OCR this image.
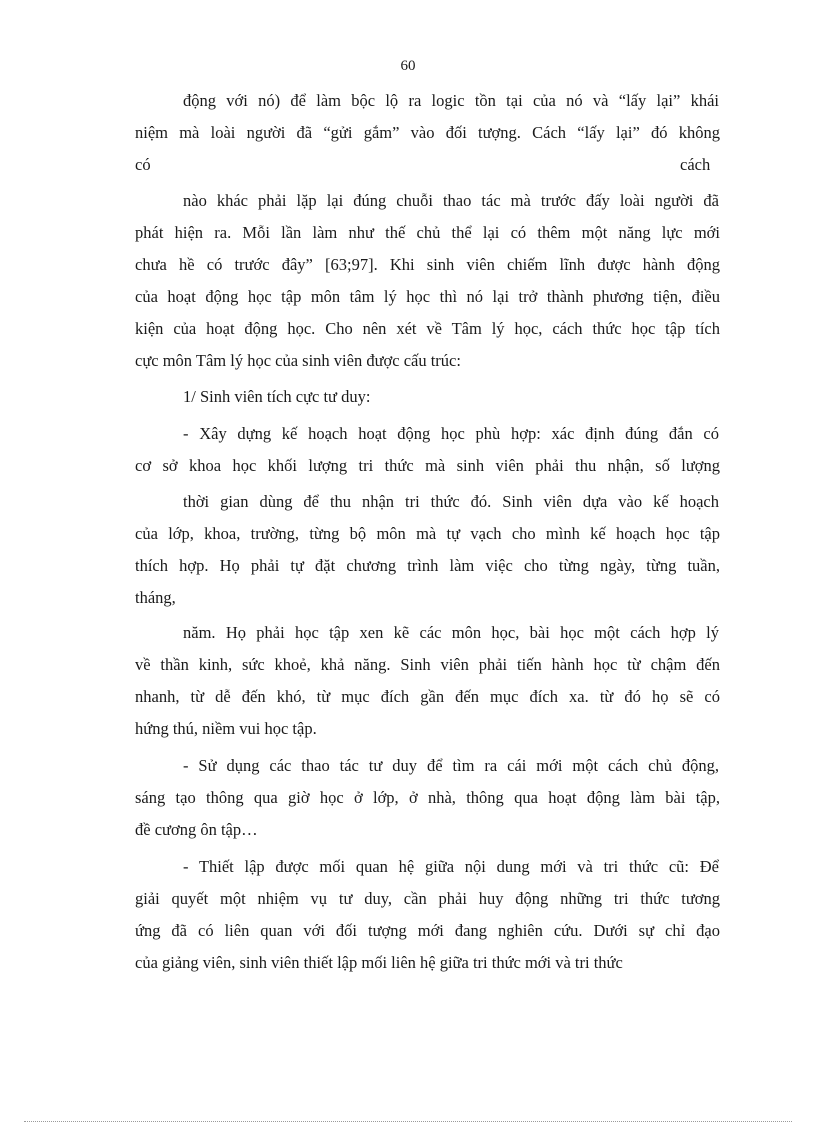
60
động với nó) để làm bộc lộ ra logic tồn tại của nó và “lấy lại” khái
niệm mà loài người đã “gửi gắm” vào đối tượng. Cách “lấy lại” đó không
có	cách
nào khác phải lặp lại đúng chuỗi thao tác mà trước đấy loài người đã
phát hiện ra. Mỗi lần làm như thế chủ thể lại có thêm một năng lực mới
chưa hề có trước đây” [63;97]. Khi sinh viên chiếm lĩnh được hành động
của hoạt động học tập môn tâm lý học thì nó lại trở thành phương tiện, điều
kiện của hoạt động học. Cho nên xét về Tâm lý học, cách thức học tập tích
cực môn Tâm lý học của sinh viên được cấu trúc:
1/ Sinh viên tích cực tư duy:
- Xây dựng kế hoạch hoạt động học phù hợp: xác định đúng đắn có
cơ sở khoa học khối lượng tri thức mà sinh viên phải thu nhận, số lượng
thời gian dùng để thu nhận tri thức đó. Sinh viên dựa vào kế hoạch
của lớp, khoa, trường, từng bộ môn mà tự vạch cho mình kế hoạch học tập
thích hợp. Họ phải tự đặt chương trình làm việc cho từng ngày, từng tuần,
tháng,
năm. Họ phải học tập xen kẽ các môn học, bài học một cách hợp lý
về thần kinh, sức khoẻ, khả năng. Sinh viên phải tiến hành học từ chậm đến
nhanh, từ dễ đến khó, từ mục đích gần đến mục đích xa. từ đó họ sẽ có
hứng thú, niềm vui học tập.
- Sử dụng các thao tác tư duy để tìm ra cái mới một cách chủ động,
sáng tạo thông qua giờ học ở lớp, ở nhà, thông qua hoạt động làm bài tập,
đề cương ôn tập…
- Thiết lập được mối quan hệ giữa nội dung mới và tri thức cũ: Để
giải quyết một nhiệm vụ tư duy, cần phải huy động những tri thức tương
ứng đã có liên quan với đối tượng mới đang nghiên cứu. Dưới sự chỉ đạo
của giảng viên, sinh viên thiết lập mối liên hệ giữa tri thức mới và tri thức
